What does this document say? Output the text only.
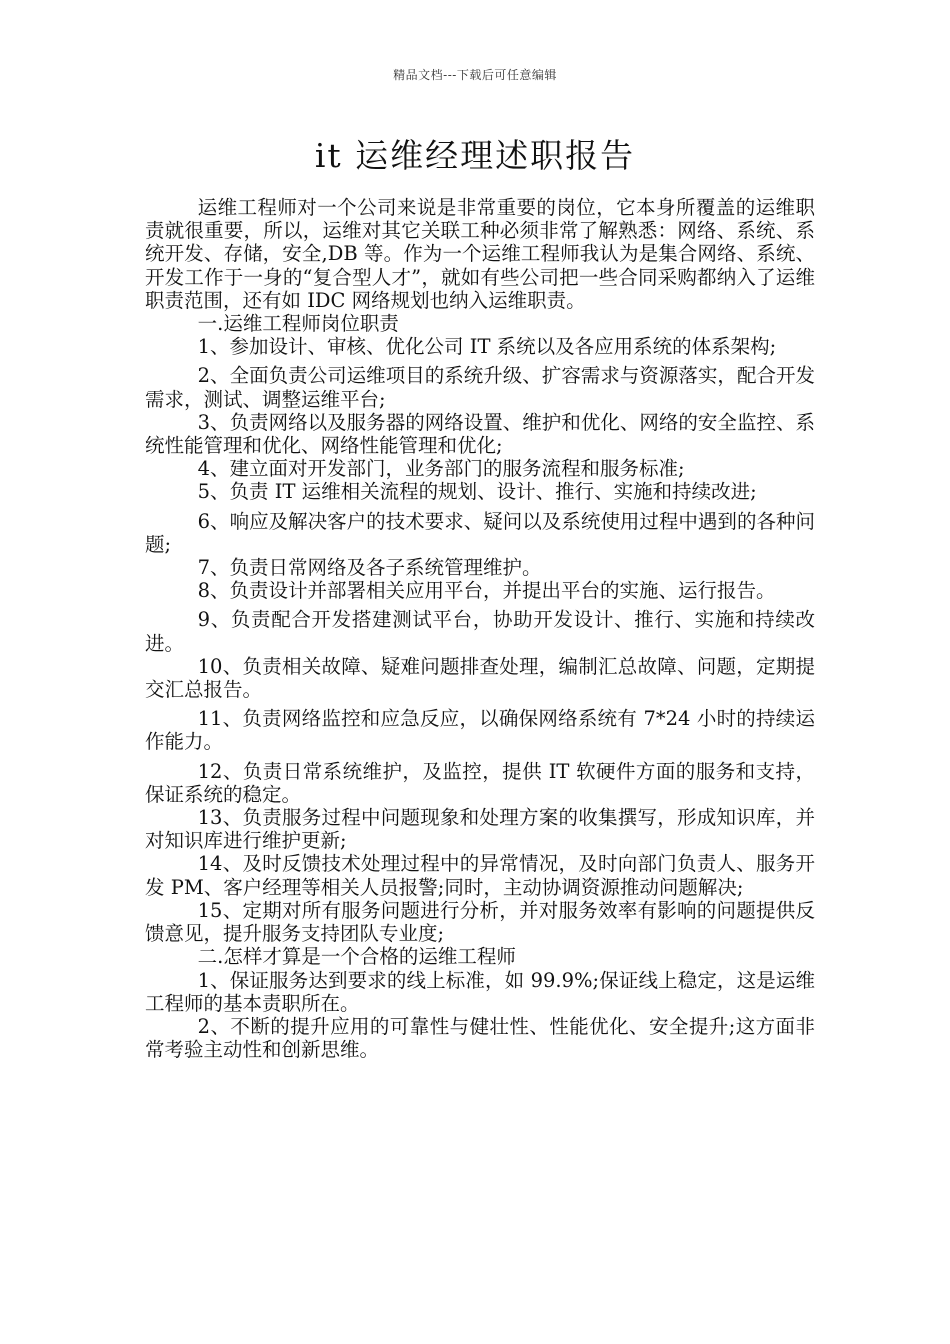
精品文档---下载后可任意编辑
it 运维经理述职报告

运维工程师对一个公司来说是非常重要的岗位，它本身所覆盖的运维职责就很重要，所以，运维对其它关联工种必须非常了解熟悉：网络、系统、系统开发、存储，安全,DB 等。作为一个运维工程师我认为是集合网络、系统、开发工作于一身的“复合型人才”，就如有些公司把一些合同采购都纳入了运维职责范围，还有如 IDC 网络规划也纳入运维职责。

一.运维工程师岗位职责

1、参加设计、审核、优化公司 IT 系统以及各应用系统的体系架构;

2、全面负责公司运维项目的系统升级、扩容需求与资源落实，配合开发需求，测试、调整运维平台;

3、负责网络以及服务器的网络设置、维护和优化、网络的安全监控、系统性能管理和优化、网络性能管理和优化;

4、建立面对开发部门，业务部门的服务流程和服务标准;

5、负责 IT 运维相关流程的规划、设计、推行、实施和持续改进;

6、响应及解决客户的技术要求、疑问以及系统使用过程中遇到的各种问题;

7、负责日常网络及各子系统管理维护。

8、负责设计并部署相关应用平台，并提出平台的实施、运行报告。

9、负责配合开发搭建测试平台，协助开发设计、推行、实施和持续改进。

10、负责相关故障、疑难问题排查处理，编制汇总故障、问题，定期提交汇总报告。

11、负责网络监控和应急反应，以确保网络系统有 7*24 小时的持续运作能力。

12、负责日常系统维护，及监控，提供 IT 软硬件方面的服务和支持，保证系统的稳定。

13、负责服务过程中问题现象和处理方案的收集撰写，形成知识库，并对知识库进行维护更新;

14、及时反馈技术处理过程中的异常情况，及时向部门负责人、服务开发 PM、客户经理等相关人员报警;同时，主动协调资源推动问题解决;

15、定期对所有服务问题进行分析，并对服务效率有影响的问题提供反馈意见，提升服务支持团队专业度;

二.怎样才算是一个合格的运维工程师

1、保证服务达到要求的线上标准，如 99.9%;保证线上稳定，这是运维工程师的基本责职所在。

2、不断的提升应用的可靠性与健壮性、性能优化、安全提升;这方面非常考验主动性和创新思维。
